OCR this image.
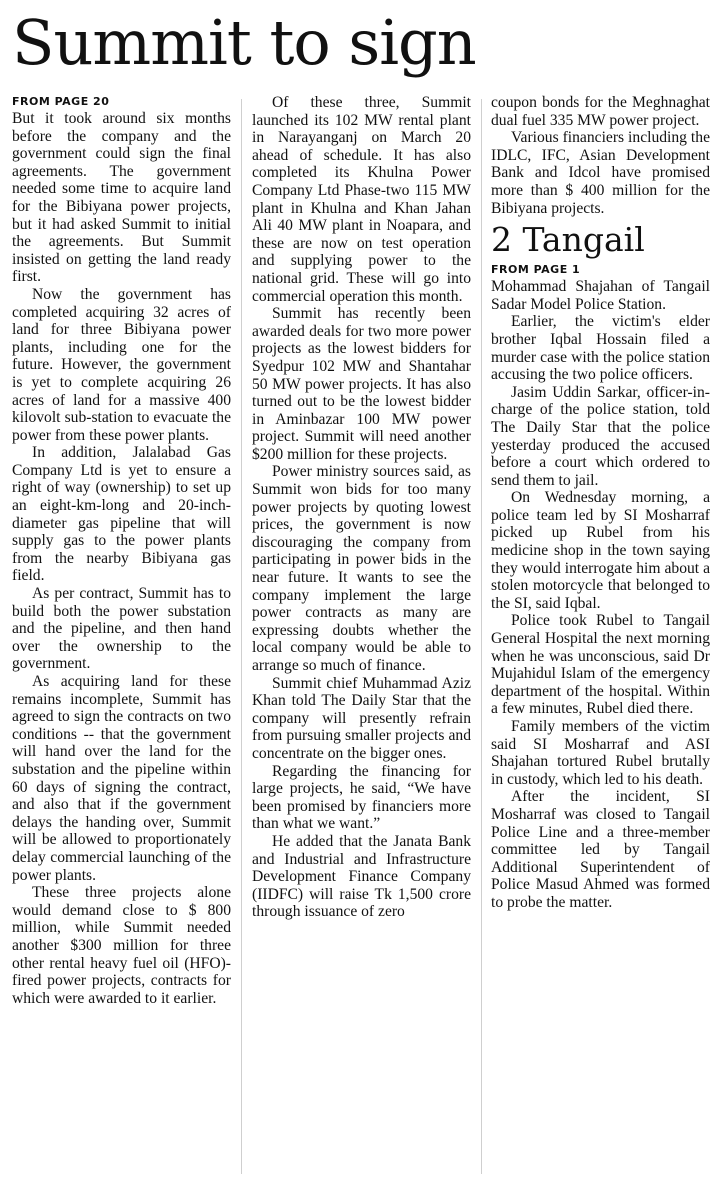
Summit to sign
FROM PAGE 20

But it took around six months before the company and the government could sign the final agreements. The government needed some time to acquire land for the Bibiyana power projects, but it had asked Summit to initial the agreements. But Summit insisted on getting the land ready first.

Now the government has completed acquiring 32 acres of land for three Bibiyana power plants, including one for the future. However, the government is yet to complete acquiring 26 acres of land for a massive 400 kilovolt sub-station to evacuate the power from these power plants.

In addition, Jalalabad Gas Company Ltd is yet to ensure a right of way (ownership) to set up an eight-km-long and 20-inch- diameter gas pipeline that will supply gas to the power plants from the nearby Bibiyana gas field.

As per contract, Summit has to build both the power substation and the pipeline, and then hand over the ownership to the government.

As acquiring land for these remains incomplete, Summit has agreed to sign the contracts on two conditions -- that the government will hand over the land for the substation and the pipeline within 60 days of signing the contract, and also that if the government delays the handing over, Summit will be allowed to proportionately delay commercial launching of the power plants.

These three projects alone would demand close to $ 800 million, while Summit needed another $300 million for three other rental heavy fuel oil (HFO)-fired power projects, contracts for which were awarded to it earlier.

Of these three, Summit launched its 102 MW rental plant in Narayanganj on March 20 ahead of schedule. It has also completed its Khulna Power Company Ltd Phase-two 115 MW plant in Khulna and Khan Jahan Ali 40 MW plant in Noapara, and these are now on test operation and supplying power to the national grid. These will go into commercial operation this month.

Summit has recently been awarded deals for two more power projects as the lowest bidders for Syedpur 102 MW and Shantahar 50 MW power projects. It has also turned out to be the lowest bidder in Aminbazar 100 MW power project. Summit will need another $200 million for these projects.

Power ministry sources said, as Summit won bids for too many power projects by quoting lowest prices, the government is now discouraging the company from participating in power bids in the near future. It wants to see the company implement the large power contracts as many are expressing doubts whether the local company would be able to arrange so much of finance.

Summit chief Muhammad Aziz Khan told The Daily Star that the company will presently refrain from pursuing smaller projects and concentrate on the bigger ones.

Regarding the financing for large projects, he said, “We have been promised by financiers more than what we want.”

He added that the Janata Bank and Industrial and Infrastructure Development Finance Company (IIDFC) will raise Tk 1,500 crore through issuance of zero

coupon bonds for the Meghnaghat dual fuel 335 MW power project.

Various financiers including the IDLC, IFC, Asian Development Bank and Idcol have promised more than $ 400 million for the Bibiyana projects.

2 Tangail
FROM PAGE 1

Mohammad Shajahan of Tangail Sadar Model Police Station.

Earlier, the victim's elder brother Iqbal Hossain filed a murder case with the police station accusing the two police officers.

Jasim Uddin Sarkar, officer-in-charge of the police station, told The Daily Star that the police yesterday produced the accused before a court which ordered to send them to jail.

On Wednesday morning, a police team led by SI Mosharraf picked up Rubel from his medicine shop in the town saying they would interrogate him about a stolen motorcycle that belonged to the SI, said Iqbal.

Police took Rubel to Tangail General Hospital the next morning when he was unconscious, said Dr Mujahidul Islam of the emergency department of the hospital. Within a few minutes, Rubel died there.

Family members of the victim said SI Mosharraf and ASI Shajahan tortured Rubel brutally in custody, which led to his death.

After the incident, SI Mosharraf was closed to Tangail Police Line and a three-member committee led by Tangail Additional Superintendent of Police Masud Ahmed was formed to probe the matter.
